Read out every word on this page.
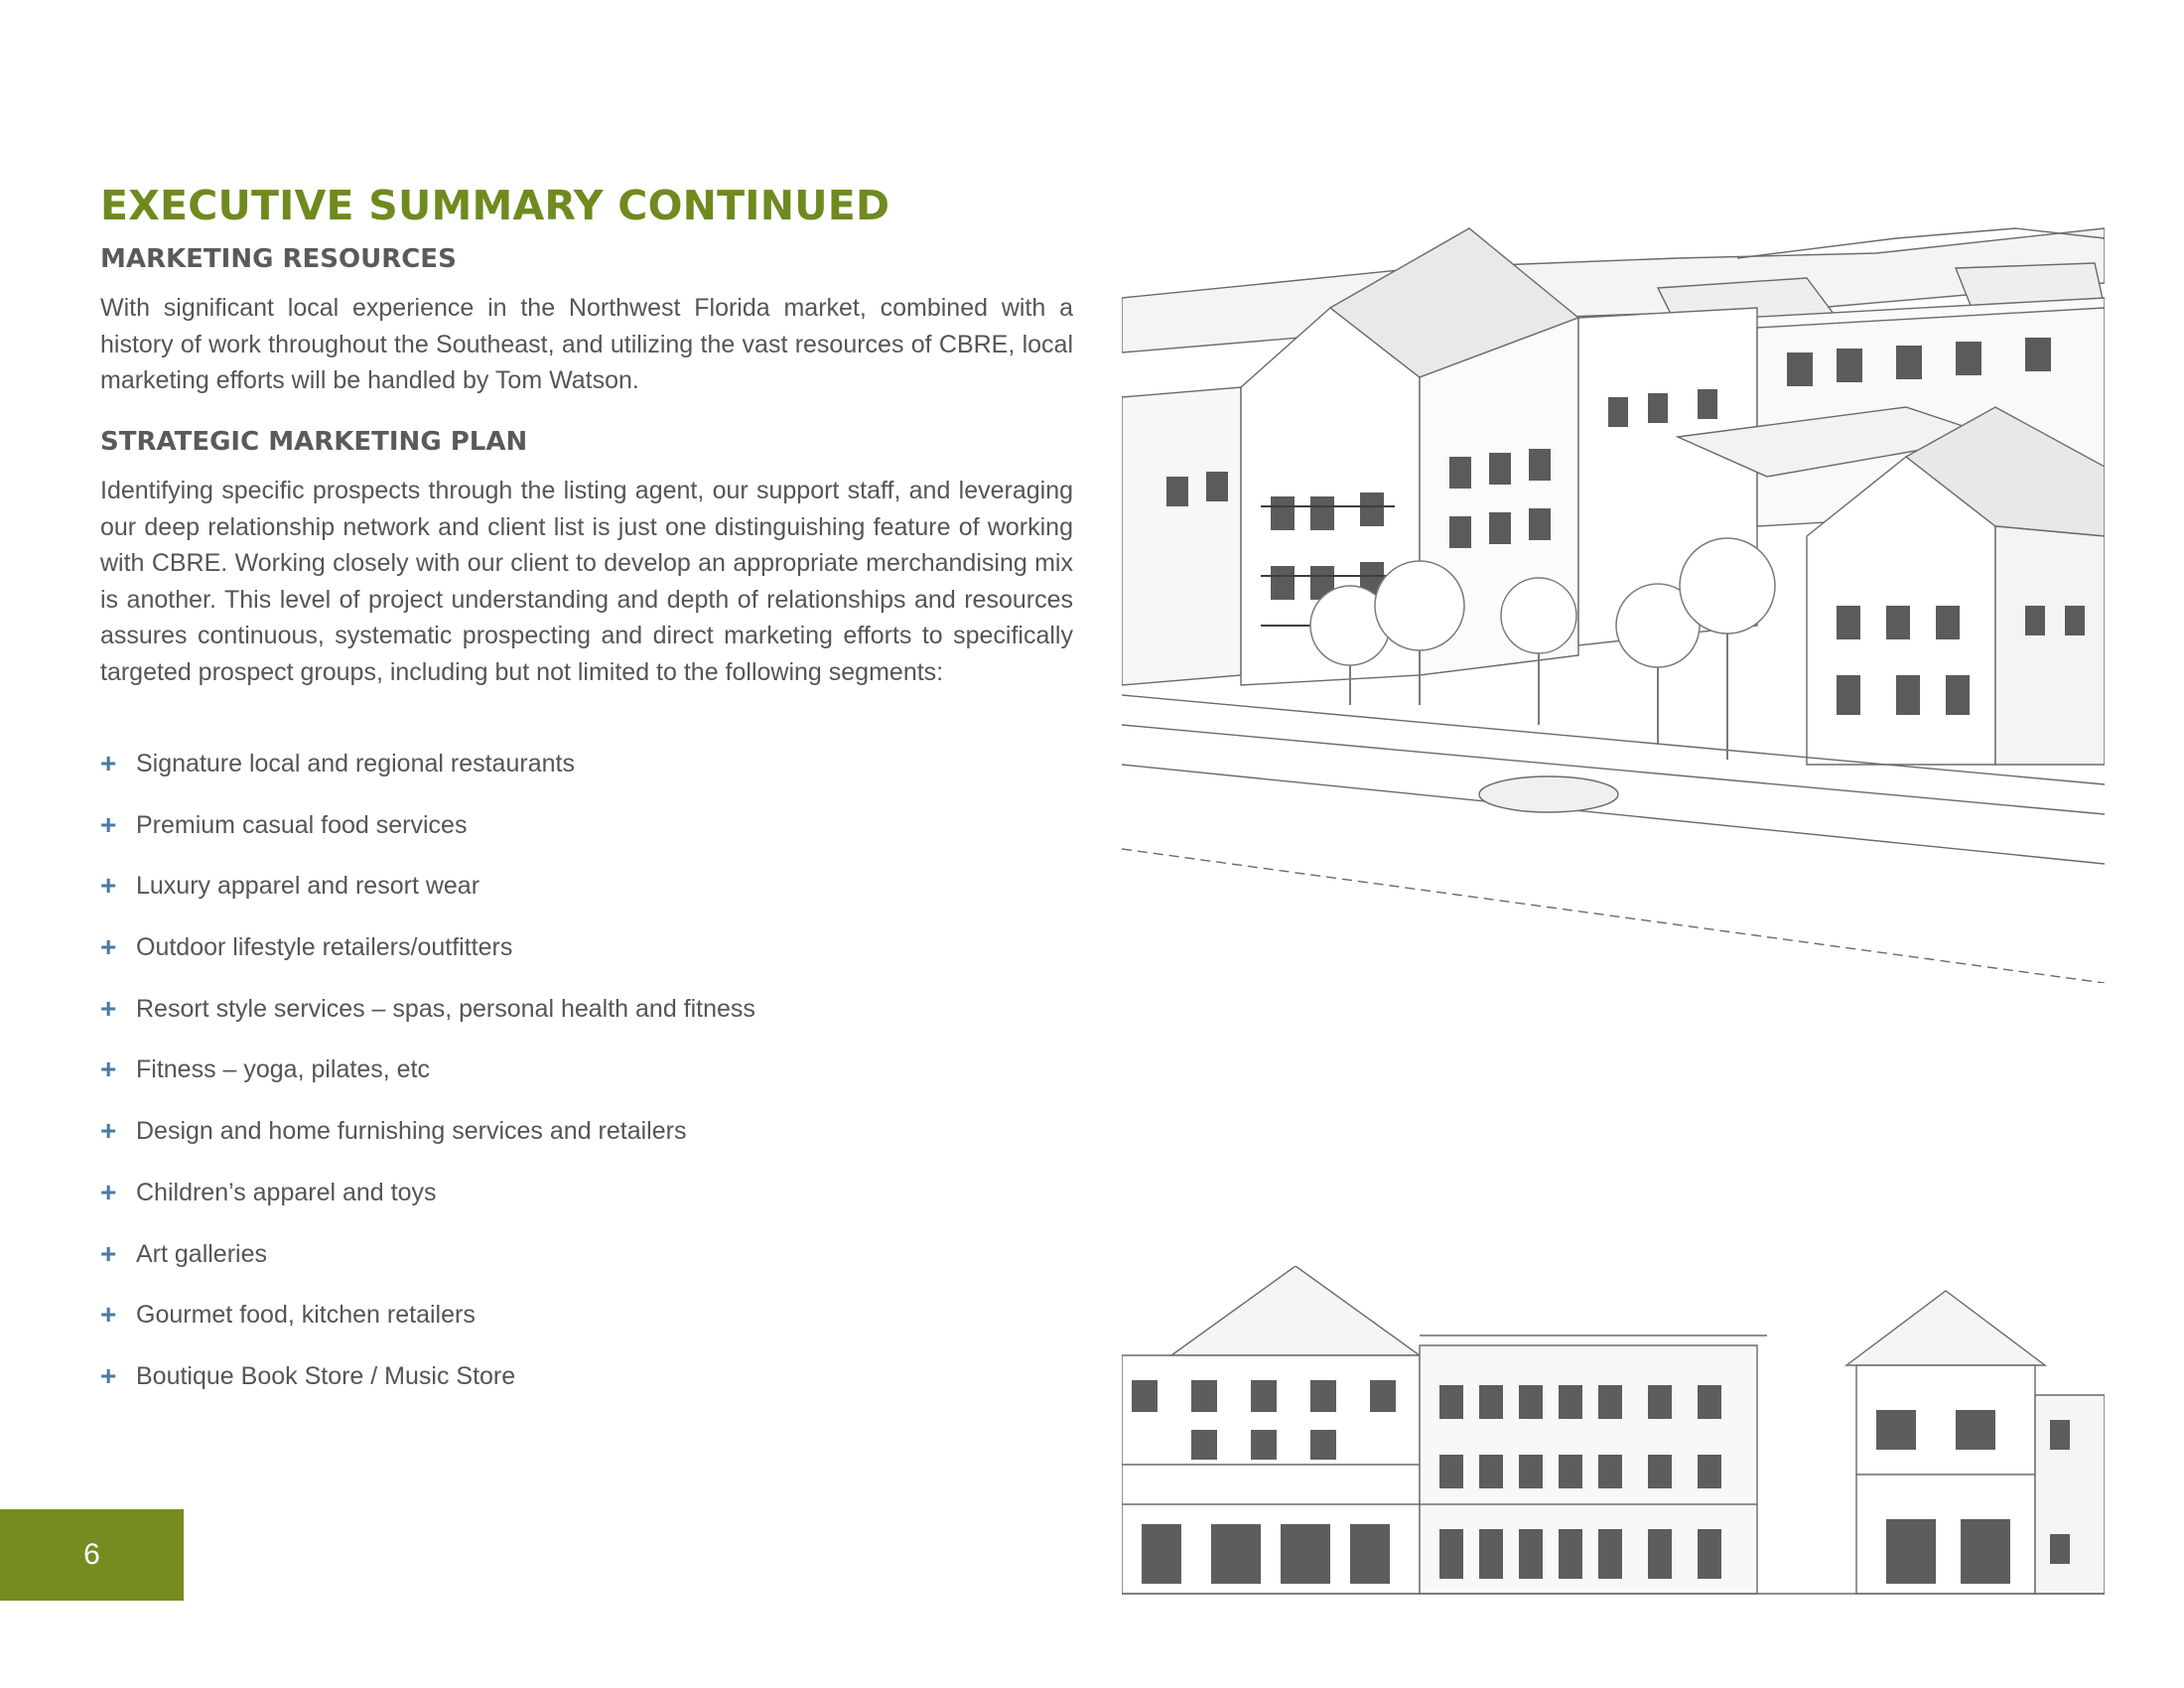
EXECUTIVE SUMMARY CONTINUED
MARKETING RESOURCES

With significant local experience in the Northwest Florida market, combined with a history of work throughout the Southeast, and utilizing the vast resources of CBRE, local marketing efforts will be handled by Tom Watson.

STRATEGIC MARKETING PLAN

Identifying specific prospects through the listing agent, our support staff, and leveraging our deep relationship network and client list is just one distinguishing feature of working with CBRE. Working closely with our client to develop an appropriate merchandising mix is another. This level of project understanding and depth of relationships and resources assures continuous, systematic prospecting and direct marketing efforts to specifically targeted prospect groups, including but not limited to the following segments:

+ Signature local and regional restaurants
+ Premium casual food services
+ Luxury apparel and resort wear
+ Outdoor lifestyle retailers/outfitters
+ Resort style services – spas, personal health and fitness
+ Fitness – yoga, pilates, etc
+ Design and home furnishing services and retailers
+ Children’s apparel and toys
+ Art galleries
+ Gourmet food, kitchen retailers
+ Boutique Book Store / Music Store
6
